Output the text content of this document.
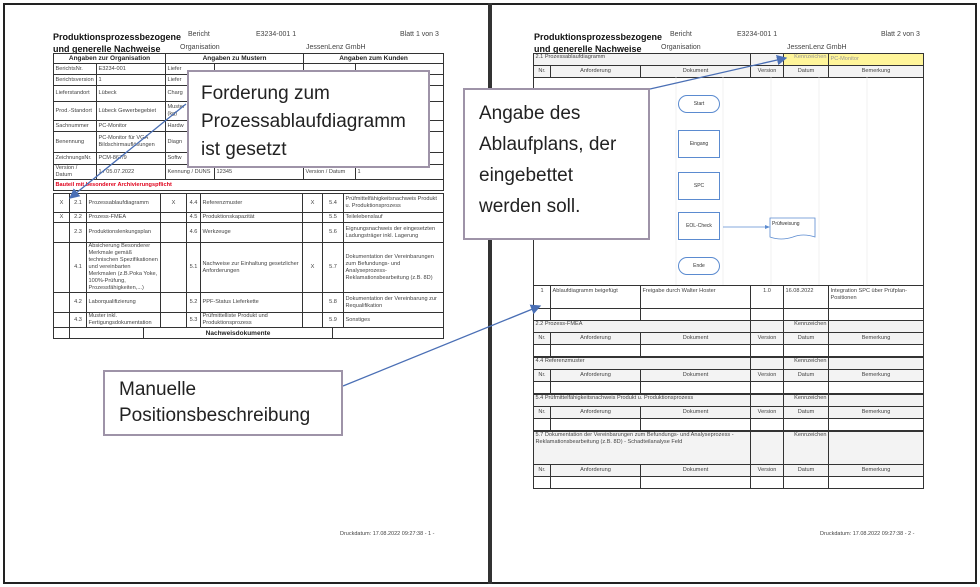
Produktionsprozessbezogene
und generelle Nachweise
Bericht	E3234-001 1	Blatt 1 von 3
Organisation	JessenLenz GmbH
Angaben zur Organisation		Angaben zu Mustern		Angaben zum Kunden	
BerichtsNr.	E3234-001	Liefer			
Berichtsversion	1	Liefer			
Lieferstandort	Lübeck	Charg			
Prod.-Standort	Lübeck Gewerbegebiet	Muster (kg)			
Sachnummer	PC-Monitor	Hardw			
Benennung	PC-Monitor für VGA Bildschirmauflösungen	Diagn			
ZeichnungsNr.	PCM-867/9	Softw			
Version / Datum	1 / 05.07.2022	Kennung / DUNS	12345	Version / Datum	1
Bauteil mit besonderer Archivierungspflicht					
X	2.1	Prozessablaufdiagramm	X	4.4	Referenzmuster	X	5.4	Prüfmittelfähigkeitsnachweis Produkt u. Produktionsprozess
X	2.2	Prozess-FMEA		4.5	Produktionskapazität		5.5	Teilelebenslauf
	2.3	Produktionslenkungsplan		4.6	Werkzeuge		5.6	Eignungsnachweis der eingesetzten Ladungsträger inkl. Lagerung
	4.1	Absicherung Besonderer Merkmale gemäß technischen Spezifikationen und vereinbarten Merkmalen (z.B.Poka Yoke, 100%-Prüfung, Prozessfähigkeiten,...)		5.1	Nachweise zur Einhaltung gesetzlicher Anforderungen	X	5.7	Dokumentation der Vereinbarungen zum Befundungs- und Analyseprozess- Reklamationsbearbeitung (z.B. 8D)
	4.2	Laborqualifizierung		5.2	PPF-Status Lieferkette		5.8	Dokumentation der Vereinbarung zur Requalifikation
	4.3	Muster inkl. Fertigungsdokumentation		5.3	Prüfmittelliste Produkt und Produktionsprozess		5.9	Sonstiges
		Nachweisdokumente	
Druckdatum: 17.08.2022 09:27:38 - 1 -
Produktionsprozessbezogene
und generelle Nachweise
Bericht	E3234-001 1	Blatt 2 von 3
Organisation	JessenLenz GmbH
2.1 Prozessablaufdiagramm				Kennzeichen	PC-Monitor
Nr.	Anforderung	Dokument	Version	Datum	Bemerkung

1	Ablaufdiagramm beigefügt	Freigabe durch Walter Hoster	1.0	16.08.2022	Integration SPC über Prüfplan-Positionen

2.2 Prozess-FMEA				Kennzeichen	
Nr.	Anforderung	Dokument	Version	Datum	Bemerkung

4.4 Referenzmuster				Kennzeichen	
Nr.	Anforderung	Dokument	Version	Datum	Bemerkung

5.4 Prüfmittelfähigkeitsnachweis Produkt u. Produktionsprozess				Kennzeichen	
Nr.	Anforderung	Dokument	Version	Datum	Bemerkung

5.7 Dokumentation der Vereinbarungen zum Befundungs- und Analyseprozess - Reklamationsbearbeitung (z.B. 8D) - Schadteilanalyse Feld				Kennzeichen	
Nr.	Anforderung	Dokument	Version	Datum	Bemerkung

Druckdatum: 17.08.2022 09:27:38 - 2 -
Start
Eingang
SPC
EOL-Check
Ende
Prüfweisung
Forderung zum Prozessablaufdiagramm ist gesetzt
Angabe des Ablaufplans, der eingebettet werden soll.
Manuelle Positionsbeschreibung
